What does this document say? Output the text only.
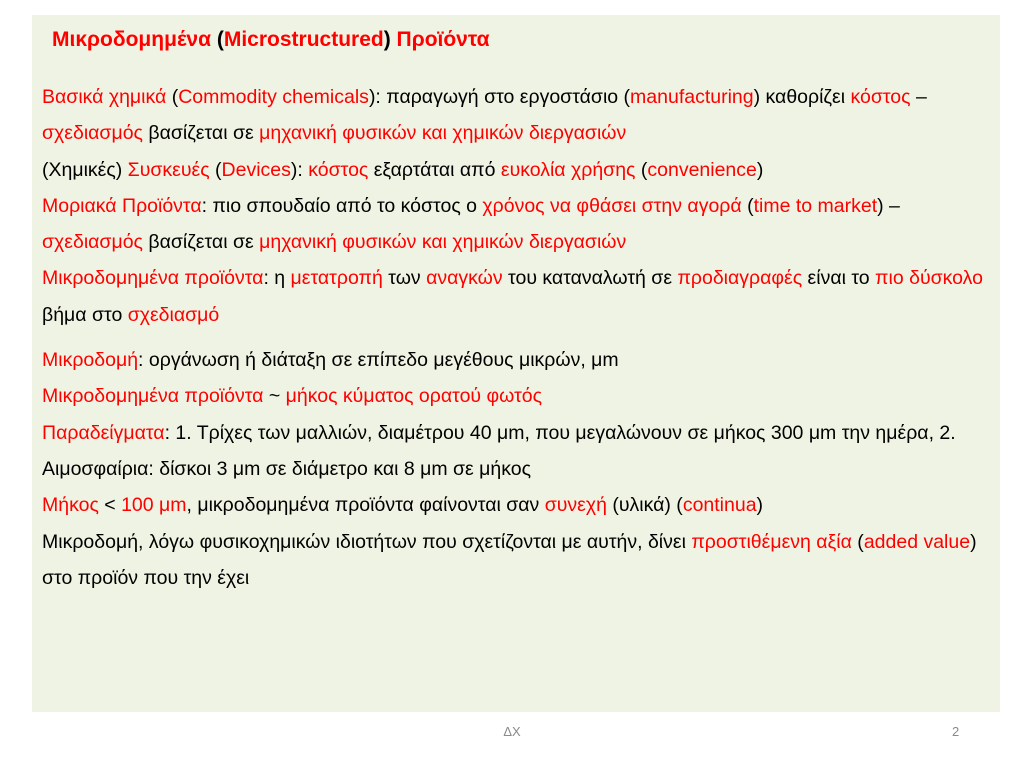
Μικροδομημένα (Microstructured) Προϊόντα

Βασικά χημικά (Commodity chemicals): παραγωγή στο εργοστάσιο (manufacturing) καθορίζει κόστος – σχεδιασμός βασίζεται σε μηχανική φυσικών και χημικών διεργασιών

(Χημικές) Συσκευές (Devices): κόστος εξαρτάται από ευκολία χρήσης (convenience)

Μοριακά Προϊόντα: πιο σπουδαίο από το κόστος ο χρόνος να φθάσει στην αγορά (time to market) – σχεδιασμός βασίζεται σε μηχανική φυσικών και χημικών διεργασιών

Μικροδομημένα προϊόντα: η μετατροπή των αναγκών του καταναλωτή σε προδιαγραφές είναι το πιο δύσκολο βήμα στο σχεδιασμό

Μικροδομή: οργάνωση ή διάταξη σε επίπεδο μεγέθους μικρών, μm

Μικροδομημένα προϊόντα ~ μήκος κύματος ορατού φωτός

Παραδείγματα: 1. Τρίχες των μαλλιών, διαμέτρου 40 μm, που μεγαλώνουν σε μήκος 300 μm την ημέρα, 2. Αιμοσφαίρια: δίσκοι 3 μm σε διάμετρο και 8 μm σε μήκος

Μήκος < 100 μm, μικροδομημένα προϊόντα φαίνονται σαν συνεχή (υλικά) (continua)

Μικροδομή, λόγω φυσικοχημικών ιδιοτήτων που σχετίζονται με αυτήν, δίνει προστιθέμενη αξία (added value) στο προϊόν που την έχει

ΔΧ	2
